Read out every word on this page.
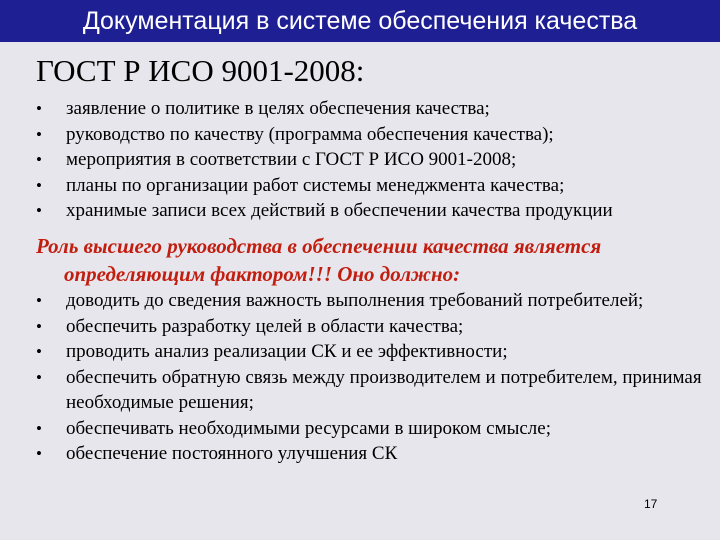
Документация в системе обеспечения качества
ГОСТ Р ИСО 9001-2008:
•	заявление о политике в целях обеспечения качества;
•	руководство по качеству (программа обеспечения качества);
•	мероприятия в соответствии с ГОСТ Р ИСО 9001-2008;
•	планы по организации работ системы менеджмента качества;
•	хранимые записи всех действий в обеспечении качества продукции
Роль высшего руководства в обеспечении качества является
определяющим фактором!!! Оно должно:
•	доводить до сведения важность выполнения требований потребителей;
•	обеспечить разработку целей в области качества;
•	проводить анализ реализации СК и ее эффективности;
•	обеспечить обратную связь между производителем и потребителем, принимая необходимые решения;
•	обеспечивать необходимыми ресурсами в широком смысле;
•	обеспечение постоянного улучшения СК
17
